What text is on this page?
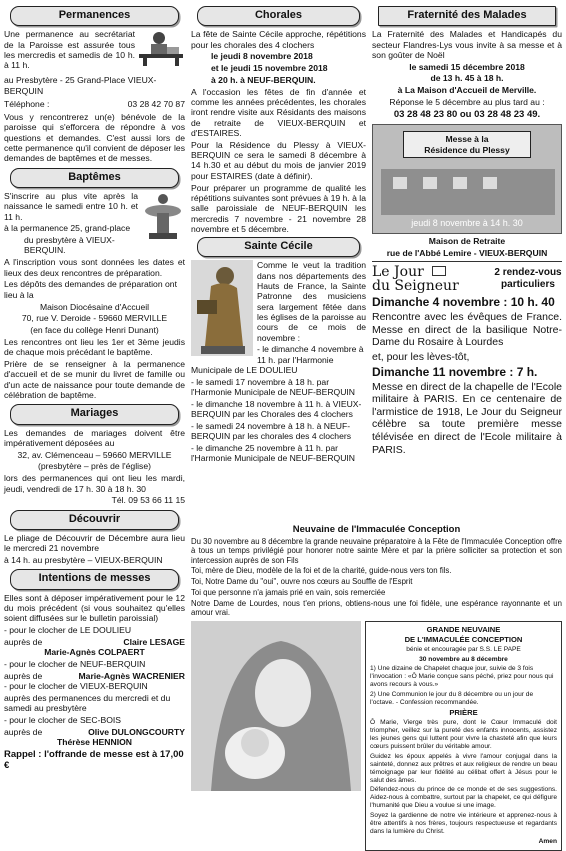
Permanences

Une permanence au secrétariat de la Paroisse est assurée tous les mercredis et samedis de 10 h. à 11 h.

au Presbytère - 25 Grand-Place VIEUX-BERQUIN

Téléphone :	03 28 42 70 87

Vous y rencontrerez un(e) bénévole de la paroisse qui s'efforcera de répondre à vos questions et demandes. C'est aussi lors de cette permanence qu'il convient de déposer les demandes de baptêmes et de messes.

Baptêmes

S'inscrire au plus vite après la naissance le samedi entre 10 h. et 11 h.

à la permanence 25, grand-place

du presbytère à VIEUX-BERQUIN.

A l'inscription vous sont données les dates et lieux des deux rencontres de préparation.

Les dépôts des demandes de préparation ont lieu à la

Maison Diocésaine d'Accueil

70, rue V. Deroide - 59660 MERVILLE

(en face du collège Henri Dunant)

Les rencontres ont lieu les 1er et 3ème jeudis de chaque mois précédant le baptême.

Prière de se renseigner à la permanence d'accueil et de se munir du livret de famille ou d'un acte de naissance pour toute demande de célébration de baptême.

Mariages

Les demandes de mariages doivent être impérativement déposées au

32, av. Clémenceau – 59660 MERVILLE

(presbytère – près de l'église)

lors des permanences qui ont lieu les mardi, jeudi, vendredi de 17 h. 30 à 18 h. 30

Tél. 09 53 66 11 15

Découvrir

Le pliage de Découvrir de Décembre aura lieu le mercredi 21 novembre

à 14 h. au presbytère – VIEUX-BERQUIN

Intentions de messes

Elles sont à déposer impérativement pour le 12 du mois précédent (si vous souhaitez qu'elles soient diffusées sur le bulletin paroissial)

- pour le clocher de LE DOULIEU

auprès de	Claire LESAGE

Marie-Agnès COLPAERT

- pour le clocher de NEUF-BERQUIN

auprès de	Marie-Agnès WACRENIER

- pour le clocher de VIEUX-BERQUIN

auprès des permanences du mercredi et du samedi au presbytère

- pour le clocher de SEC-BOIS

auprès de	Olive DULONGCOURTY

Thérèse HENNION

Rappel : l'offrande de messe est à 17,00 €

Chorales

La fête de Sainte Cécile approche, répétitions pour les chorales des 4 clochers

le jeudi 8 novembre 2018

et le jeudi 15 novembre 2018

à 20 h. à NEUF-BERQUIN.

A l'occasion les fêtes de fin d'année et comme les années précédentes, les chorales iront rendre visite aux Résidants des maisons de retraite de VIEUX-BERQUIN et d'ESTAIRES.

Pour la Résidence du Plessy à VIEUX-BERQUIN ce sera le samedi 8 décembre à 14 h.30 et au début du mois de janvier 2019 pour ESTAIRES (date à définir).

Pour préparer un programme de qualité les répétitions suivantes sont prévues à 19 h. à la salle paroissiale de NEUF-BERQUIN les mercredis 7 novembre - 21 novembre 28 novembre et 5 décembre.

Sainte Cécile

Comme le veut la tradition dans nos départements des Hauts de France, la Sainte Patronne des musiciens sera largement fêtée dans les églises de la paroisse au cours de ce mois de novembre :

- le dimanche 4 novembre à 11 h. par l'Harmonie Municipale de LE DOULIEU

- le samedi 17 novembre à 18 h. par l'Harmonie Municipale de NEUF-BERQUIN

- le dimanche 18 novembre à 11 h. à VIEUX-BERQUIN par les Chorales des 4 clochers

- le samedi 24 novembre à 18 h. à NEUF-BERQUIN par les chorales des 4 clochers

- le dimanche 25 novembre à 11 h. par l'Harmonie Municipale de NEUF-BERQUIN

Fraternité des Malades

La Fraternité des Malades et Handicapés du secteur Flandres-Lys vous invite à sa messe et à son goûter de Noël

le samedi 15 décembre 2018

de 13 h. 45 à 18 h.

à La Maison d'Accueil de Merville.

Réponse le 5 décembre au plus tard au :

03 28 48 23 80 ou 03 28 48 23 49.

Messe à la
Résidence du Plessy
jeudi 8 novembre à 14 h. 30

Maison de Retraite

rue de l'Abbé Lemire - VIEUX-BERQUIN

Le Jour
du Seigneur
2 rendez-vous particuliers

Dimanche 4 novembre : 10 h. 40

Rencontre avec les évêques de France. Messe en direct de la basilique Notre-Dame du Rosaire à Lourdes

et, pour les lèves-tôt,

Dimanche 11 novembre : 7 h.

Messe en direct de la chapelle de l'Ecole militaire à PARIS. En ce centenaire de l'armistice de 1918, Le Jour du Seigneur célèbre sa toute première messe télévisée en direct de l'Ecole militaire à PARIS.

Neuvaine de l'Immaculée Conception

Du 30 novembre au 8 décembre la grande neuvaine préparatoire à la Fête de l'Immaculée Conception offre à tous un temps privilégié pour honorer notre sainte Mère et par la prière solliciter sa protection et son intercession auprès de son Fils

Toi, mère de Dieu, modèle de la foi et de la charité, guide-nous vers ton fils.

Toi, Notre Dame du "oui", ouvre nos cœurs au Souffle de l'Esprit

Toi que personne n'a jamais prié en vain, sois remerciée

Notre Dame de Lourdes, nous t'en prions, obtiens-nous une foi fidèle, une espérance rayonnante et un amour vrai.

GRANDE NEUVAINE

DE L'IMMACULÉE CONCEPTION

bénie et encouragée par S.S. LE PAPE

30 novembre au 8 décembre

1) Une dizaine de Chapelet chaque jour, suivie de 3 fois l'invocation : «Ô Marie conçue sans péché, priez pour nous qui avons recours à vous.»

2) Une Communion le jour du 8 décembre ou un jour de l'octave. - Confession recommandée.

PRIÈRE

Ô Marie, Vierge très pure, dont le Cœur Immaculé doit triompher, veillez sur la pureté des enfants innocents, assistez les jeunes gens qui luttent pour vivre la chasteté afin que leurs cœurs puissent brûler du véritable amour.

Guidez les époux appelés à vivre l'amour conjugal dans la sainteté, donnez aux prêtres et aux religieux de rendre un beau témoignage par leur fidélité au célibat offert à Jésus pour le salut des âmes.

Défendez-nous du prince de ce monde et de ses suggestions. Aidez-nous à combattre, surtout par la chapelet, ce qui défigure l'humanité que Dieu a voulue si une image.

Soyez la gardienne de notre vie intérieure et apprenez-nous à être attentifs à nos frères, toujours respectueuse et regardants dans la lumière du Christ.

Amen
